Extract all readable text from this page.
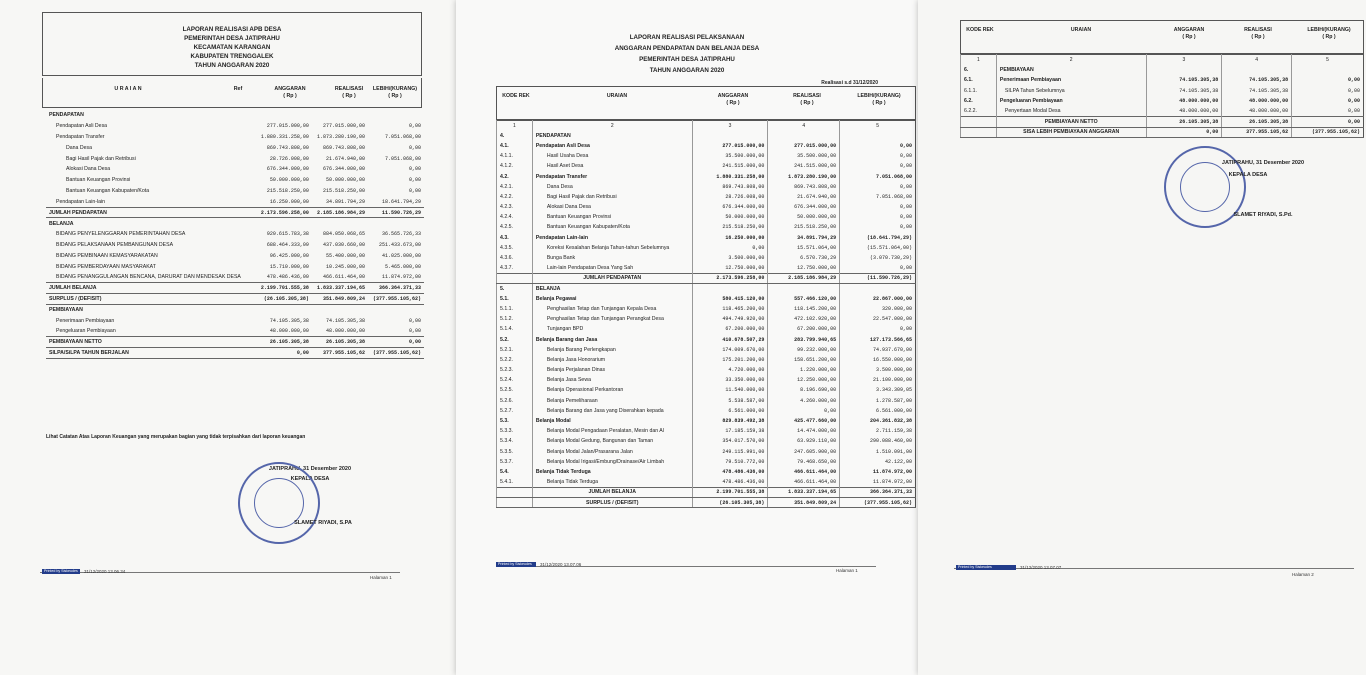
LAPORAN REALISASI APB DESA
PEMERINTAH DESA JATIPRAHU
KECAMATAN KARANGAN
KABUPATEN TRENGGALEK
TAHUN ANGGARAN 2020
U R A I A N	Ref	ANGGARAN
( Rp )
REALISASI
( Rp )
LEBIH/(KURANG)
( Rp )
PENDAPATAN				
Pendapatan Asli Desa		277.015.000,00	277.015.000,00	0,00
Pendapatan Transfer		1.880.331.258,00	1.873.280.190,00	7.051.068,00
Dana Desa		869.743.808,00	869.743.808,00	0,00
Bagi Hasil Pajak dan Retribusi		28.726.008,00	21.674.940,00	7.051.068,00
Alokasi Dana Desa		676.344.000,00	676.344.000,00	0,00
Bantuan Keuangan Provinsi		50.000.000,00	50.000.000,00	0,00
Bantuan Keuangan Kabupaten/Kota		215.518.250,00	215.518.250,00	0,00
Pendapatan Lain-lain		16.250.000,00	34.891.794,29	18.641.794,29
JUMLAH PENDAPATAN		2.173.596.258,00	2.185.186.984,29	11.590.726,29
BELANJA				
BIDANG PENYELENGGARAN PEMERINTAHAN DESA		920.615.783,38	884.050.068,65	36.565.726,33
BIDANG PELAKSANAAN PEMBANGUNAN DESA		688.464.333,09	437.030.660,00	251.433.673,00
BIDANG PEMBINAAN KEMASYARAKATAN		96.425.000,00	55.400.000,00	41.025.000,00
BIDANG PEMBERDAYAAN MASYARAKAT		15.710.000,00	10.245.000,00	5.465.000,00
BIDANG PENANGGULANGAN BENCANA, DARURAT DAN MENDESAK DESA		478.486.436,00	466.611.464,00	11.874.972,00
JUMLAH BELANJA		2.199.701.555,38	1.833.337.194,65	366.364.371,33
SURPLUS / (DEFISIT)		(26.105.305,38)	351.849.809,24	(377.955.105,62)
PEMBIAYAAN				
Penerimaan Pembiayaan		74.105.305,38	74.105.305,38	0,00
Pengeluaran Pembiayaan		48.000.000,00	48.000.000,00	0,00
PEMBIAYAAN NETTO		26.105.305,38	26.105.305,38	0,00
SILPA/SiLPA TAHUN BERJALAN		0,00	377.955.105,62	(377.955.105,62)
Lihat Catatan Atas Laporan Keuangan yang merupakan bagian yang tidak terpisahkan dari laporan keuangan
JATIPRAHU, 31 Desember 2020
KEPALA DESA
SLAMET RIYADI, S.PA
Printed by Siskeudes	31/12/2020 13.06.34
Halaman 1
LAPORAN REALISASI PELAKSANAAN
ANGGARAN PENDAPATAN DAN BELANJA DESA
PEMERINTAH DESA JATIPRAHU
TAHUN ANGGARAN 2020
Realisasi s.d 31/12/2020
KODE REK	URAIAN	ANGGARAN
( Rp )
REALISASI
( Rp )
LEBIH/(KURANG)
( Rp )
1	2	3	4	5
4.	PENDAPATAN			
4.1.	Pendapatan Asli Desa	277.015.000,00	277.015.000,00	0,00
4.1.1.	Hasil Usaha Desa	35.500.000,00	35.500.000,00	0,00
4.1.2.	Hasil Aset Desa	241.515.000,00	241.515.000,00	0,00
4.2.	Pendapatan Transfer	1.880.331.258,00	1.873.280.190,00	7.051.068,00
4.2.1.	Dana Desa	869.743.808,00	869.743.808,00	0,00
4.2.2.	Bagi Hasil Pajak dan Retribusi	28.726.008,00	21.674.940,00	7.051.068,00
4.2.3.	Alokasi Dana Desa	676.344.000,00	676.344.000,00	0,00
4.2.4.	Bantuan Keuangan Provinsi	50.000.000,00	50.000.000,00	0,00
4.2.5.	Bantuan Keuangan Kabupaten/Kota	215.518.250,00	215.518.250,00	0,00
4.3.	Pendapatan Lain-lain	16.250.000,00	34.891.794,29	(18.641.794,29)
4.3.5.	Koreksi Kesalahan Belanja Tahun-tahun Sebelumnya	0,00	15.571.064,00	(15.571.064,00)
4.3.6.	Bunga Bank	3.500.000,00	6.570.730,29	(3.070.730,29)
4.3.7.	Lain-lain Pendapatan Desa Yang Sah	12.750.000,00	12.750.000,00	0,00
	JUMLAH PENDAPATAN	2.173.596.258,00	2.185.186.984,29	(11.590.726,29)
5.	BELANJA			
5.1.	Belanja Pegawai	580.415.120,00	557.466.120,00	22.867.000,00
5.1.1.	Penghasilan Tetap dan Tunjangan Kepala Desa	118.465.200,00	118.145.200,00	320.000,00
5.1.2.	Penghasilan Tetap dan Tunjangan Perangkat Desa	494.749.920,00	472.102.920,00	22.547.000,00
5.1.4.	Tunjangan BPD	67.200.000,00	67.200.000,00	0,00
5.2.	Belanja Barang dan Jasa	410.678.507,29	283.799.940,65	127.173.566,65
5.2.1.	Belanja Barang Perlengkapan	174.009.670,00	99.232.000,00	74.937.670,00
5.2.2.	Belanja Jasa Honorarium	175.201.200,00	158.651.200,00	16.550.000,00
5.2.3.	Belanja Perjalanan Dinas	4.720.000,00	1.220.000,00	3.500.000,00
5.2.4.	Belanja Jasa Sewa	33.350.000,00	12.250.000,00	21.100.000,00
5.2.5.	Belanja Operasional Perkantoran	11.540.000,00	8.196.690,00	3.343.309,05
5.2.6.	Belanja Pemeliharaan	5.538.587,00	4.260.000,00	1.278.587,00
5.2.7.	Belanja Barang dan Jasa yang Diserahkan kepada	6.561.000,00	0,00	6.561.000,00
5.3.	Belanja Modal	829.839.492,38	425.477.660,00	204.361.832,38
5.3.3.	Belanja Modal Pengadaan Peralatan, Mesin dan Al	17.185.159,38	14.474.000,00	2.711.159,38
5.3.4.	Belanja Modal Gedung, Bangunan dan Taman	354.017.570,00	63.929.110,00	290.088.460,00
5.3.5.	Belanja Modal Jalan/Prasarana Jalan	249.115.991,00	247.605.900,00	1.510.091,00
5.3.7.	Belanja Modal Irigasi/Embung/Drainase/Air Limbah	79.510.772,00	79.468.650,00	42.122,00
5.4.	Belanja Tidak Terduga	478.486.436,00	466.611.464,00	11.874.972,00
5.4.1.	Belanja Tidak Terduga	478.486.436,00	466.611.464,00	11.874.972,00
	JUMLAH BELANJA	2.199.701.555,38	1.833.337.194,65	366.364.371,33
	SURPLUS / (DEFISIT)	(26.105.305,38)	351.849.809,24	(377.955.105,62)
Printed by Siskeudes	31/12/2020 13.07.06
Halaman 1
KODE REK	URAIAN	ANGGARAN
( Rp )
REALISASI
( Rp )
LEBIH/(KURANG)
( Rp )
1	2	3	4	5
6.	PEMBIAYAAN			
6.1.	Penerimaan Pembiayaan	74.105.305,38	74.105.305,38	0,00
6.1.1.	SILPA Tahun Sebelumnya	74.105.305,38	74.105.305,38	0,00
6.2.	Pengeluaran Pembiayaan	48.000.000,00	48.000.000,00	0,00
6.2.2.	Penyertaan Modal Desa	48.000.000,00	48.000.000,00	0,00
	PEMBIAYAAN NETTO	26.105.305,38	26.105.305,38	0,00
	SISA LEBIH PEMBIAYAAN ANGGARAN	0,00	377.955.105,62	(377.955.105,62)
JATIPRAHU, 31 Desember 2020
KEPALA DESA
SLAMET RIYADI, S.Pd.
Printed by Siskeudes	31/12/2020 13.07.07
Halaman 2
